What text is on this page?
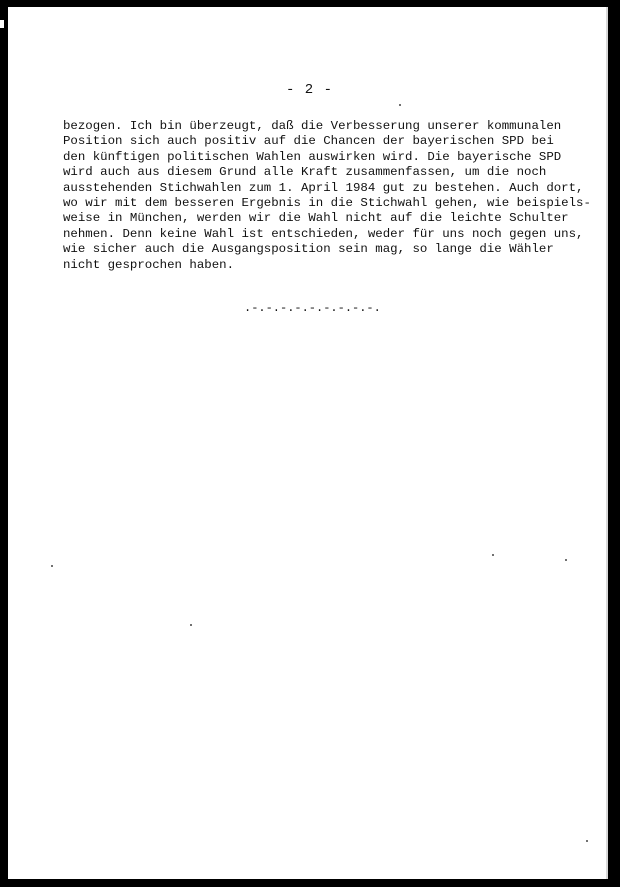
- 2 -
bezogen. Ich bin überzeugt, daß die Verbesserung unserer kommunalen
Position sich auch positiv auf die Chancen der bayerischen SPD bei
den künftigen politischen Wahlen auswirken wird. Die bayerische SPD
wird auch aus diesem Grund alle Kraft zusammenfassen, um die noch
ausstehenden Stichwahlen zum 1. April 1984 gut zu bestehen. Auch dort,
wo wir mit dem besseren Ergebnis in die Stichwahl gehen, wie beispiels-
weise in München, werden wir die Wahl nicht auf die leichte Schulter
nehmen. Denn keine Wahl ist entschieden, weder für uns noch gegen uns,
wie sicher auch die Ausgangsposition sein mag, so lange die Wähler
nicht gesprochen haben.
.-.-.-.-.-.-.-.-.-.
